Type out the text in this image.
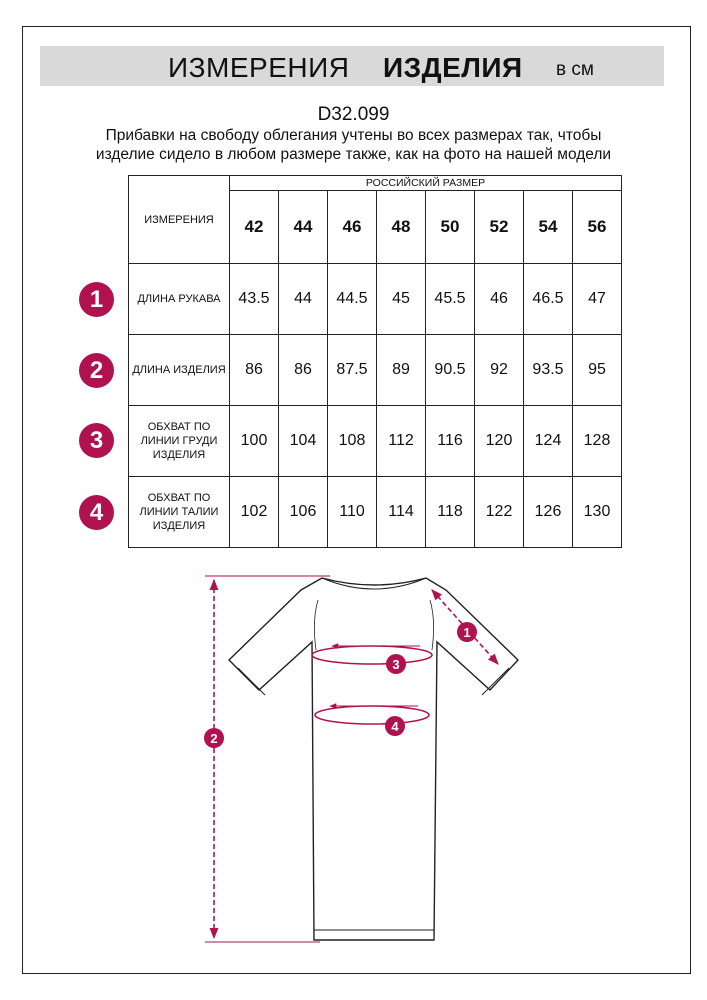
ИЗМЕРЕНИЯ ИЗДЕЛИЯ в см
D32.099
Прибавки на свободу облегания учтены во всех размерах так, чтобы
изделие сидело в любом размере также, как на фото на нашей модели
ИЗМЕРЕНИЯ	РОССИЙСКИЙ РАЗМЕР							
	42	44	46	48	50	52	54	56
ДЛИНА РУКАВА	43.5	44	44.5	45	45.5	46	46.5	47
ДЛИНА ИЗДЕЛИЯ	86	86	87.5	89	90.5	92	93.5	95
ОБХВАТ ПО ЛИНИИ ГРУДИ ИЗДЕЛИЯ	100	104	108	112	116	120	124	128
ОБХВАТ ПО ЛИНИИ ТАЛИИ ИЗДЕЛИЯ	102	106	110	114	118	122	126	130
1
2
3
4
1
2
3
4
